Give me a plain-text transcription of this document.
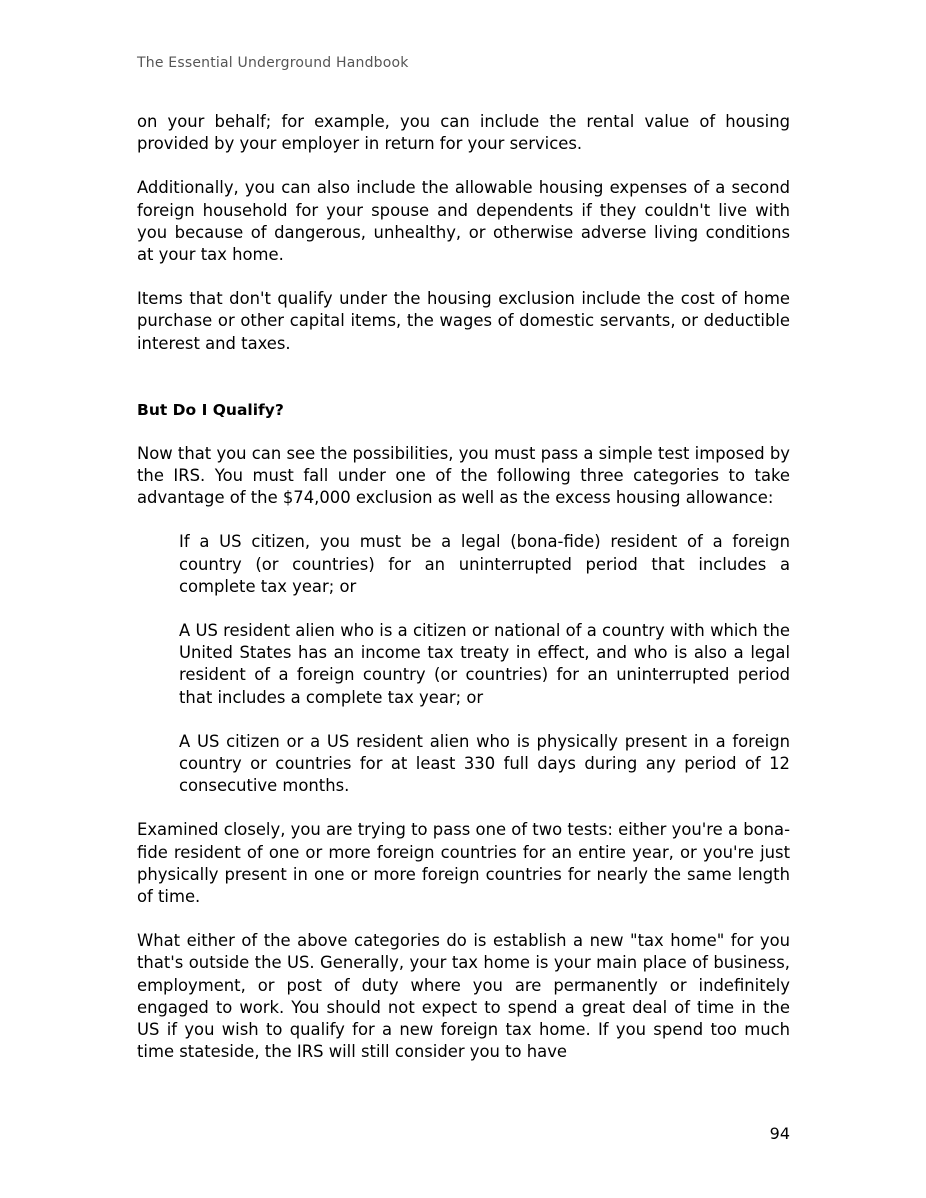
The Essential Underground Handbook

on your behalf; for example, you can include the rental value of housing provided by your employer in return for your services.

Additionally, you can also include the allowable housing expenses of a second foreign household for your spouse and dependents if they couldn't live with you because of dangerous, unhealthy, or otherwise adverse living conditions at your tax home.

Items that don't qualify under the housing exclusion include the cost of home purchase or other capital items, the wages of domestic servants, or deductible interest and taxes.

But Do I Qualify?

Now that you can see the possibilities, you must pass a simple test imposed by the IRS. You must fall under one of the following three categories to take advantage of the $74,000 exclusion as well as the excess housing allowance:

If a US citizen, you must be a legal (bona-fide) resident of a foreign country (or countries) for an uninterrupted period that includes a complete tax year; or

A US resident alien who is a citizen or national of a country with which the United States has an income tax treaty in effect, and who is also a legal resident of a foreign country (or countries) for an uninterrupted period that includes a complete tax year; or

A US citizen or a US resident alien who is physically present in a foreign country or countries for at least 330 full days during any period of 12 consecutive months.

Examined closely, you are trying to pass one of two tests: either you're a bona-fide resident of one or more foreign countries for an entire year, or you're just physically present in one or more foreign countries for nearly the same length of time.

What either of the above categories do is establish a new "tax home" for you that's outside the US. Generally, your tax home is your main place of business, employment, or post of duty where you are permanently or indefinitely engaged to work. You should not expect to spend a great deal of time in the US if you wish to qualify for a new foreign tax home. If you spend too much time stateside, the IRS will still consider you to have

94
